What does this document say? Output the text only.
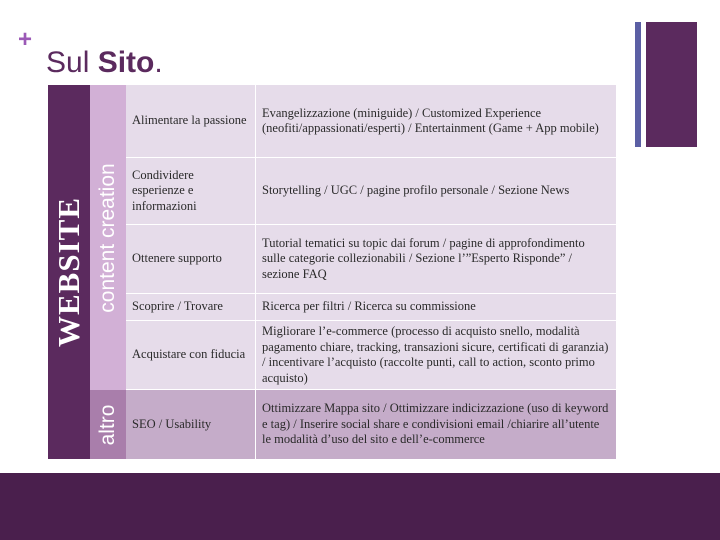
+
Sul Sito.
WEBSITE content creation
altro
Alimentare la passione
Evangelizzazione (miniguide) / Customized Experience (neofiti/appassionati/esperti) / Entertainment (Game + App mobile)
Condividere esperienze e informazioni
Storytelling / UGC / pagine profilo personale / Sezione News
Ottenere supporto
Tutorial tematici su topic dai forum / pagine di approfondimento sulle categorie collezionabili / Sezione l’”Esperto Risponde” / sezione FAQ
Scoprire / Trovare	Ricerca per filtri / Ricerca su commissione
Acquistare con fiducia
Migliorare l’e-commerce (processo di acquisto snello, modalità pagamento chiare, tracking, transazioni sicure, certificati di garanzia) / incentivare l’acquisto (raccolte punti, call to action, sconto primo acquisto)
SEO / Usability
Ottimizzare Mappa sito / Ottimizzare indicizzazione (uso di keyword e tag) / Inserire social share e condivisioni email /chiarire all’utente le modalità d’uso del sito e dell’e-commerce
